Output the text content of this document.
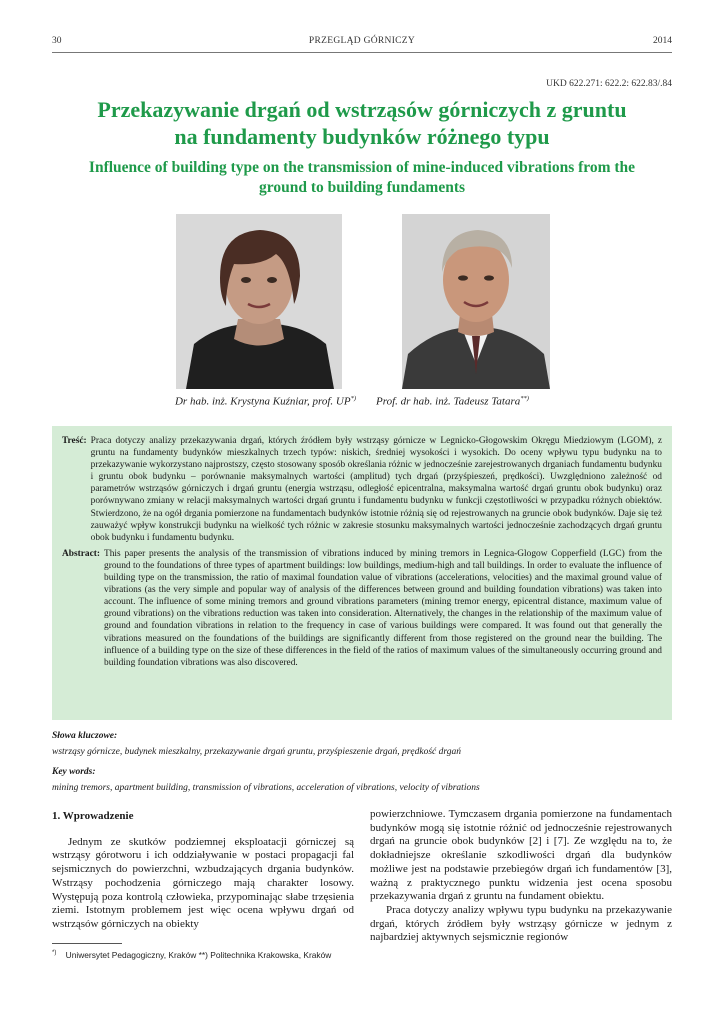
30	PRZEGLĄD GÓRNICZY	2014
UKD 622.271: 622.2: 622.83/.84
Przekazywanie drgań od wstrząsów górniczych z gruntu
na fundamenty budynków różnego typu
Influence of building type on the transmission of mine-induced vibrations from the
ground to building fundaments
Dr hab. inż. Krystyna Kuźniar, prof. UP*) Prof. dr hab. inż. Tadeusz Tatara**)
Treść: Praca dotyczy analizy przekazywania drgań, których źródłem były wstrząsy górnicze w Legnicko-Głogowskim Okręgu Miedziowym (LGOM), z gruntu na fundamenty budynków mieszkalnych trzech typów: niskich, średniej wysokości i wysokich. Do oceny wpływu typu budynku na to przekazywanie wykorzystano najprostszy, często stosowany sposób określania różnic w jednocześnie zarejestrowanych drganiach fundamentu budynku i gruntu obok budynku – porównanie maksymalnych wartości (amplitud) tych drgań (przyśpieszeń, prędkości). Uwzględniono zależność od parametrów wstrząsów górniczych i drgań gruntu (energia wstrząsu, odległość epicentralna, maksymalna wartość drgań gruntu obok budynku) oraz porównywano zmiany w relacji maksymalnych wartości drgań gruntu i fundamentu budynku w funkcji częstotliwości w przypadku różnych obiektów. Stwierdzono, że na ogół drgania pomierzone na fundamentach budynków istotnie różnią się od rejestrowanych na gruncie obok budynków. Daje się też zauważyć wpływ konstrukcji budynku na wielkość tych różnic w zakresie stosunku maksymalnych wartości jednocześnie zachodzących drgań gruntu obok budynku i fundamentu budynku.
Abstract: This paper presents the analysis of the transmission of vibrations induced by mining tremors in Legnica-Glogow Copperfield (LGC) from the ground to the foundations of three types of apartment buildings: low buildings, medium-high and tall buildings. In order to evaluate the influence of building type on the transmission, the ratio of maximal foundation value of vibrations (accelerations, velocities) and the maximal ground value of vibrations (as the very simple and popular way of analysis of the differences between ground and building foundation vibrations) was taken into account. The influence of some mining tremors and ground vibrations parameters (mining tremor energy, epicentral distance, maximum value of ground vibrations) on the vibrations reduction was taken into consideration. Alternatively, the changes in the relationship of the maximum value of ground and foundation vibrations in relation to the frequency in case of various buildings were compared. It was found out that generally the vibrations measured on the foundations of the buildings are significantly different from those registered on the ground near the building. The influence of a building type on the size of these differences in the field of the ratios of maximum values of the simultaneously occurring ground and building foundation vibrations was also discovered.
Słowa kluczowe:
wstrząsy górnicze, budynek mieszkalny, przekazywanie drgań gruntu, przyśpieszenie drgań, prędkość drgań
Key words:
mining tremors, apartment building, transmission of vibrations, acceleration of vibrations, velocity of vibrations
1. Wprowadzenie
Jednym ze skutków podziemnej eksploatacji górniczej są wstrząsy górotworu i ich oddziaływanie w postaci propagacji fal sejsmicznych do powierzchni, wzbudzających drgania budynków. Wstrząsy pochodzenia górniczego mają charakter losowy. Występują poza kontrolą człowieka, przypominając słabe trzęsienia ziemi. Istotnym problemem jest więc ocena wpływu drgań od wstrząsów górniczych na obiekty
powierzchniowe. Tymczasem drgania pomierzone na fundamentach budynków mogą się istotnie różnić od jednocześnie rejestrowanych drgań na gruncie obok budynków [2] i [7]. Ze względu na to, że dokładniejsze określanie szkodliwości drgań dla budynków możliwe jest na podstawie przebiegów drgań ich fundamentów [3], ważną z praktycznego punktu widzenia jest ocena sposobu przekazywania drgań z gruntu na fundament obiektu.
Praca dotyczy analizy wpływu typu budynku na przekazywanie drgań, których źródłem były wstrząsy górnicze w jednym z najbardziej aktywnych sejsmicznie regionów
*) Uniwersytet Pedagogiczny, Kraków **) Politechnika Krakowska, Kraków
